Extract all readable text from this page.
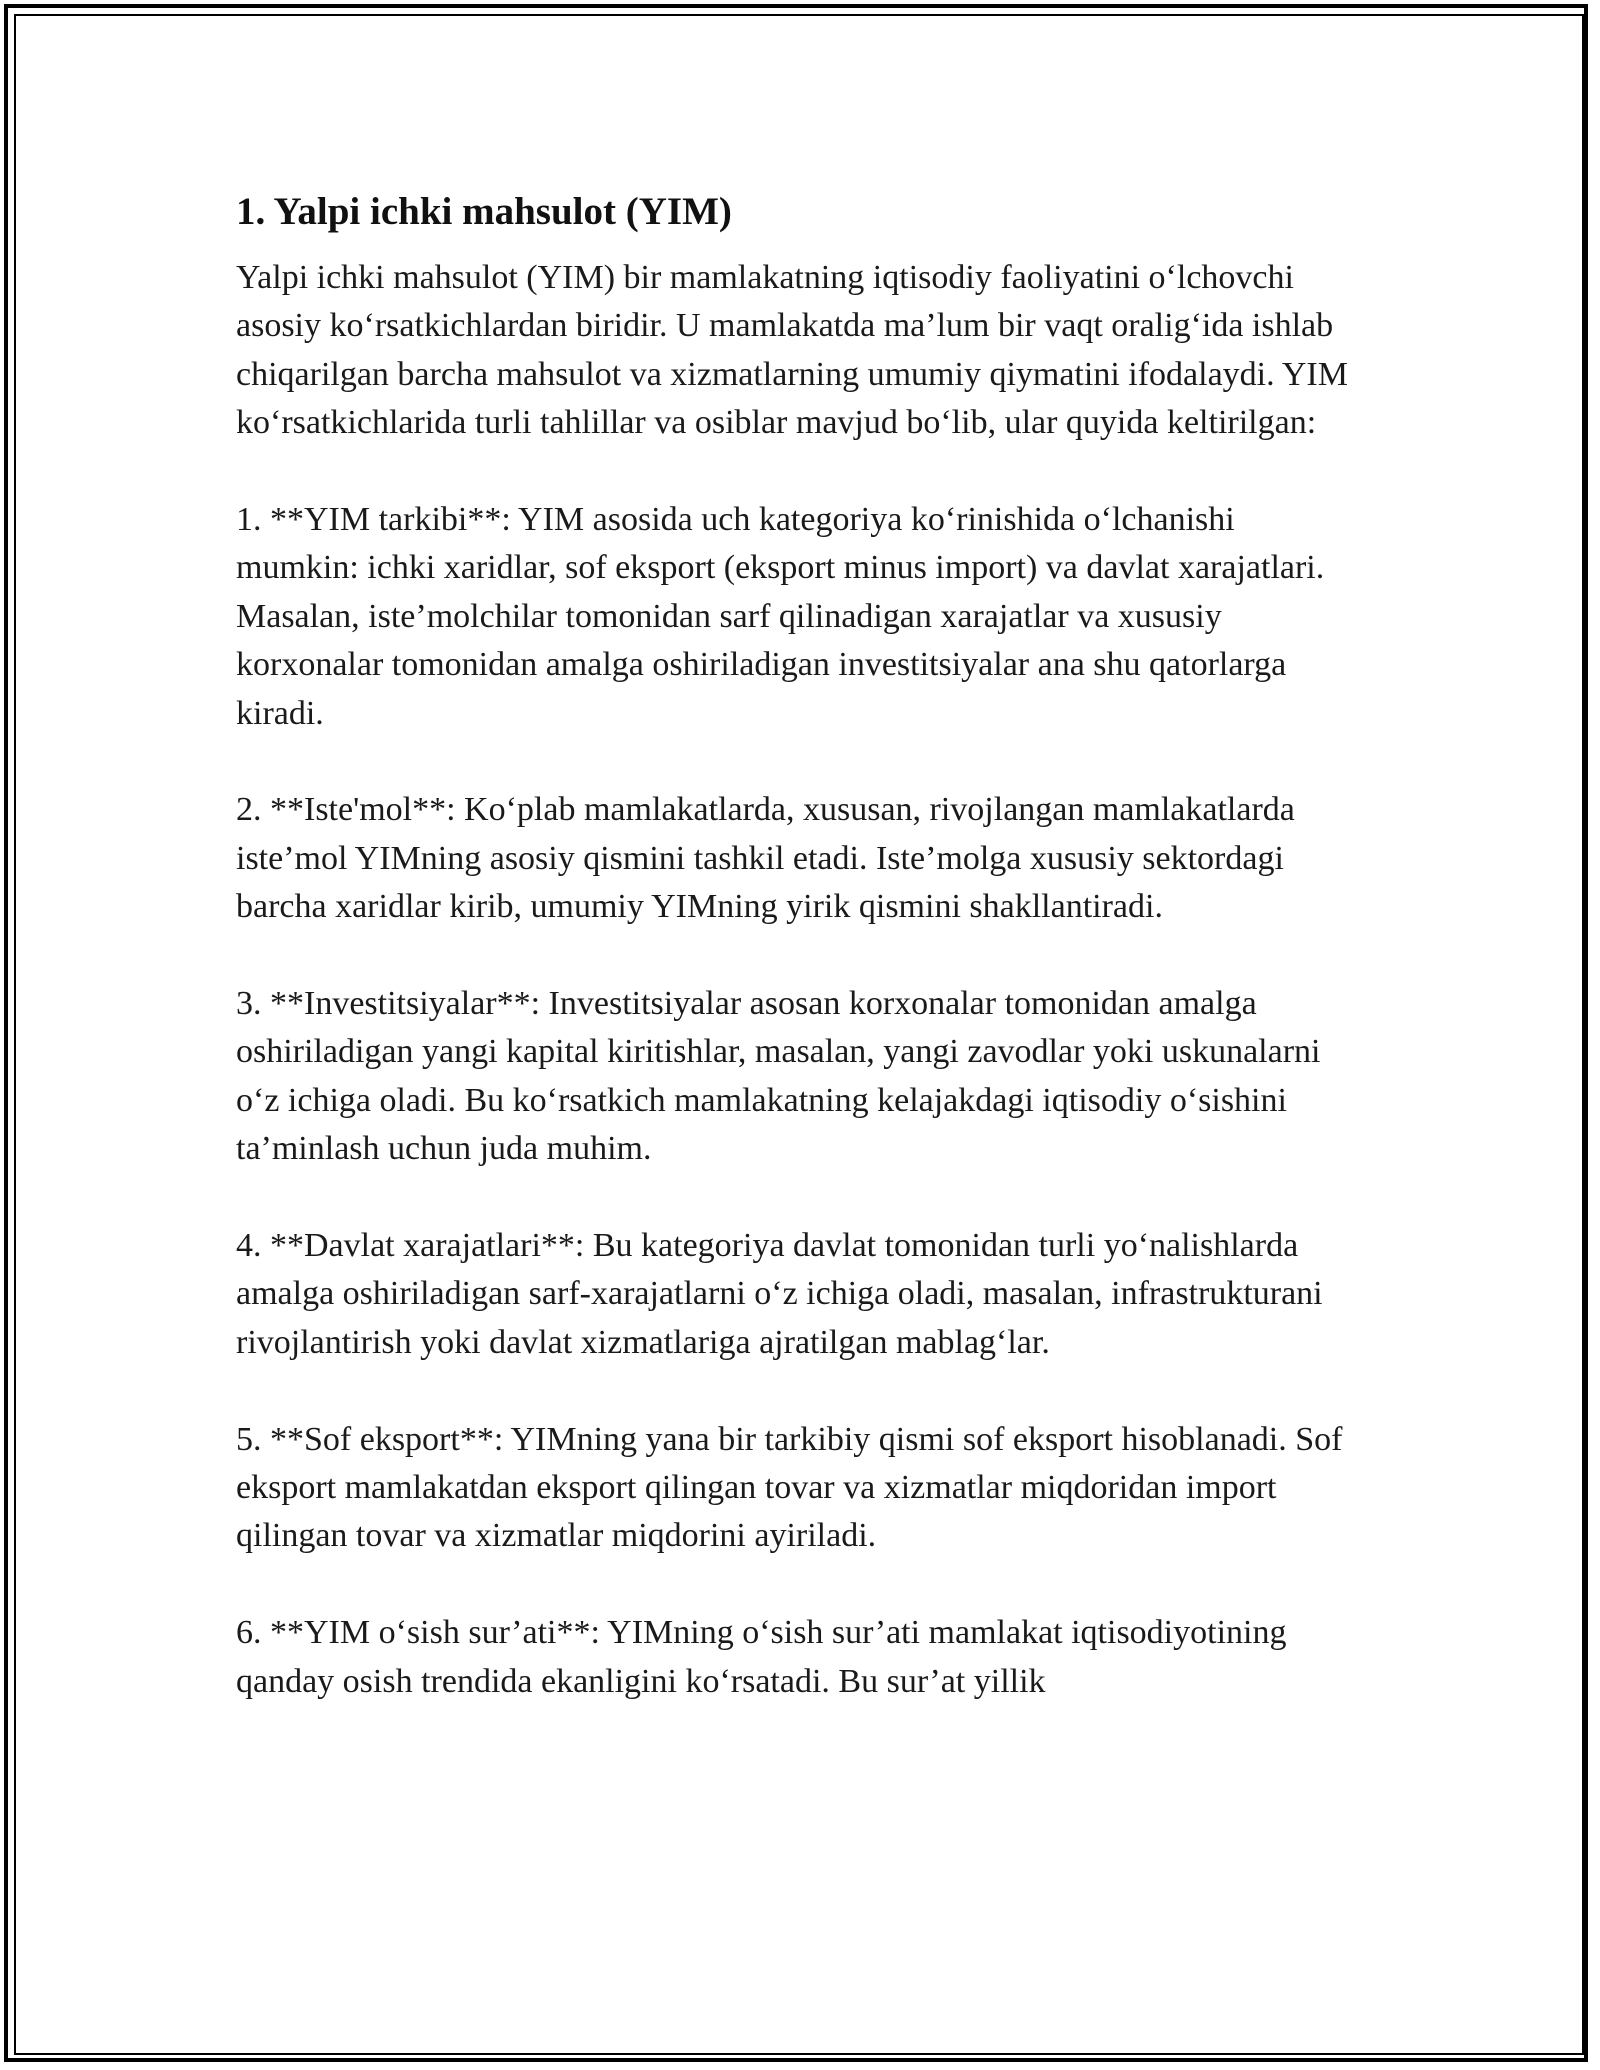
1. Yalpi ichki mahsulot (YIM)

Yalpi ichki mahsulot (YIM) bir mamlakatning iqtisodiy faoliyatini o‘lchovchi asosiy ko‘rsatkichlardan biridir. U mamlakatda ma’lum bir vaqt oralig‘ida ishlab chiqarilgan barcha mahsulot va xizmatlarning umumiy qiymatini ifodalaydi. YIM ko‘rsatkichlarida turli tahlillar va osiblar mavjud bo‘lib, ular quyida keltirilgan:

1. **YIM tarkibi**: YIM asosida uch kategoriya ko‘rinishida o‘lchanishi mumkin: ichki xaridlar, sof eksport (eksport minus import) va davlat xarajatlari. Masalan, iste’molchilar tomonidan sarf qilinadigan xarajatlar va xususiy korxonalar tomonidan amalga oshiriladigan investitsiyalar ana shu qatorlarga kiradi.

2. **Iste'mol**: Ko‘plab mamlakatlarda, xususan, rivojlangan mamlakatlarda iste’mol YIMning asosiy qismini tashkil etadi. Iste’molga xususiy sektordagi barcha xaridlar kirib, umumiy YIMning yirik qismini shakllantiradi.

3. **Investitsiyalar**: Investitsiyalar asosan korxonalar tomonidan amalga oshiriladigan yangi kapital kiritishlar, masalan, yangi zavodlar yoki uskunalarni o‘z ichiga oladi. Bu ko‘rsatkich mamlakatning kelajakdagi iqtisodiy o‘sishini ta’minlash uchun juda muhim.

4. **Davlat xarajatlari**: Bu kategoriya davlat tomonidan turli yo‘nalishlarda amalga oshiriladigan sarf-xarajatlarni o‘z ichiga oladi, masalan, infrastrukturani rivojlantirish yoki davlat xizmatlariga ajratilgan mablag‘lar.

5. **Sof eksport**: YIMning yana bir tarkibiy qismi sof eksport hisoblanadi. Sof eksport mamlakatdan eksport qilingan tovar va xizmatlar miqdoridan import qilingan tovar va xizmatlar miqdorini ayiriladi.

6. **YIM o‘sish sur’ati**: YIMning o‘sish sur’ati mamlakat iqtisodiyotining qanday osish trendida ekanligini ko‘rsatadi. Bu sur’at yillik
